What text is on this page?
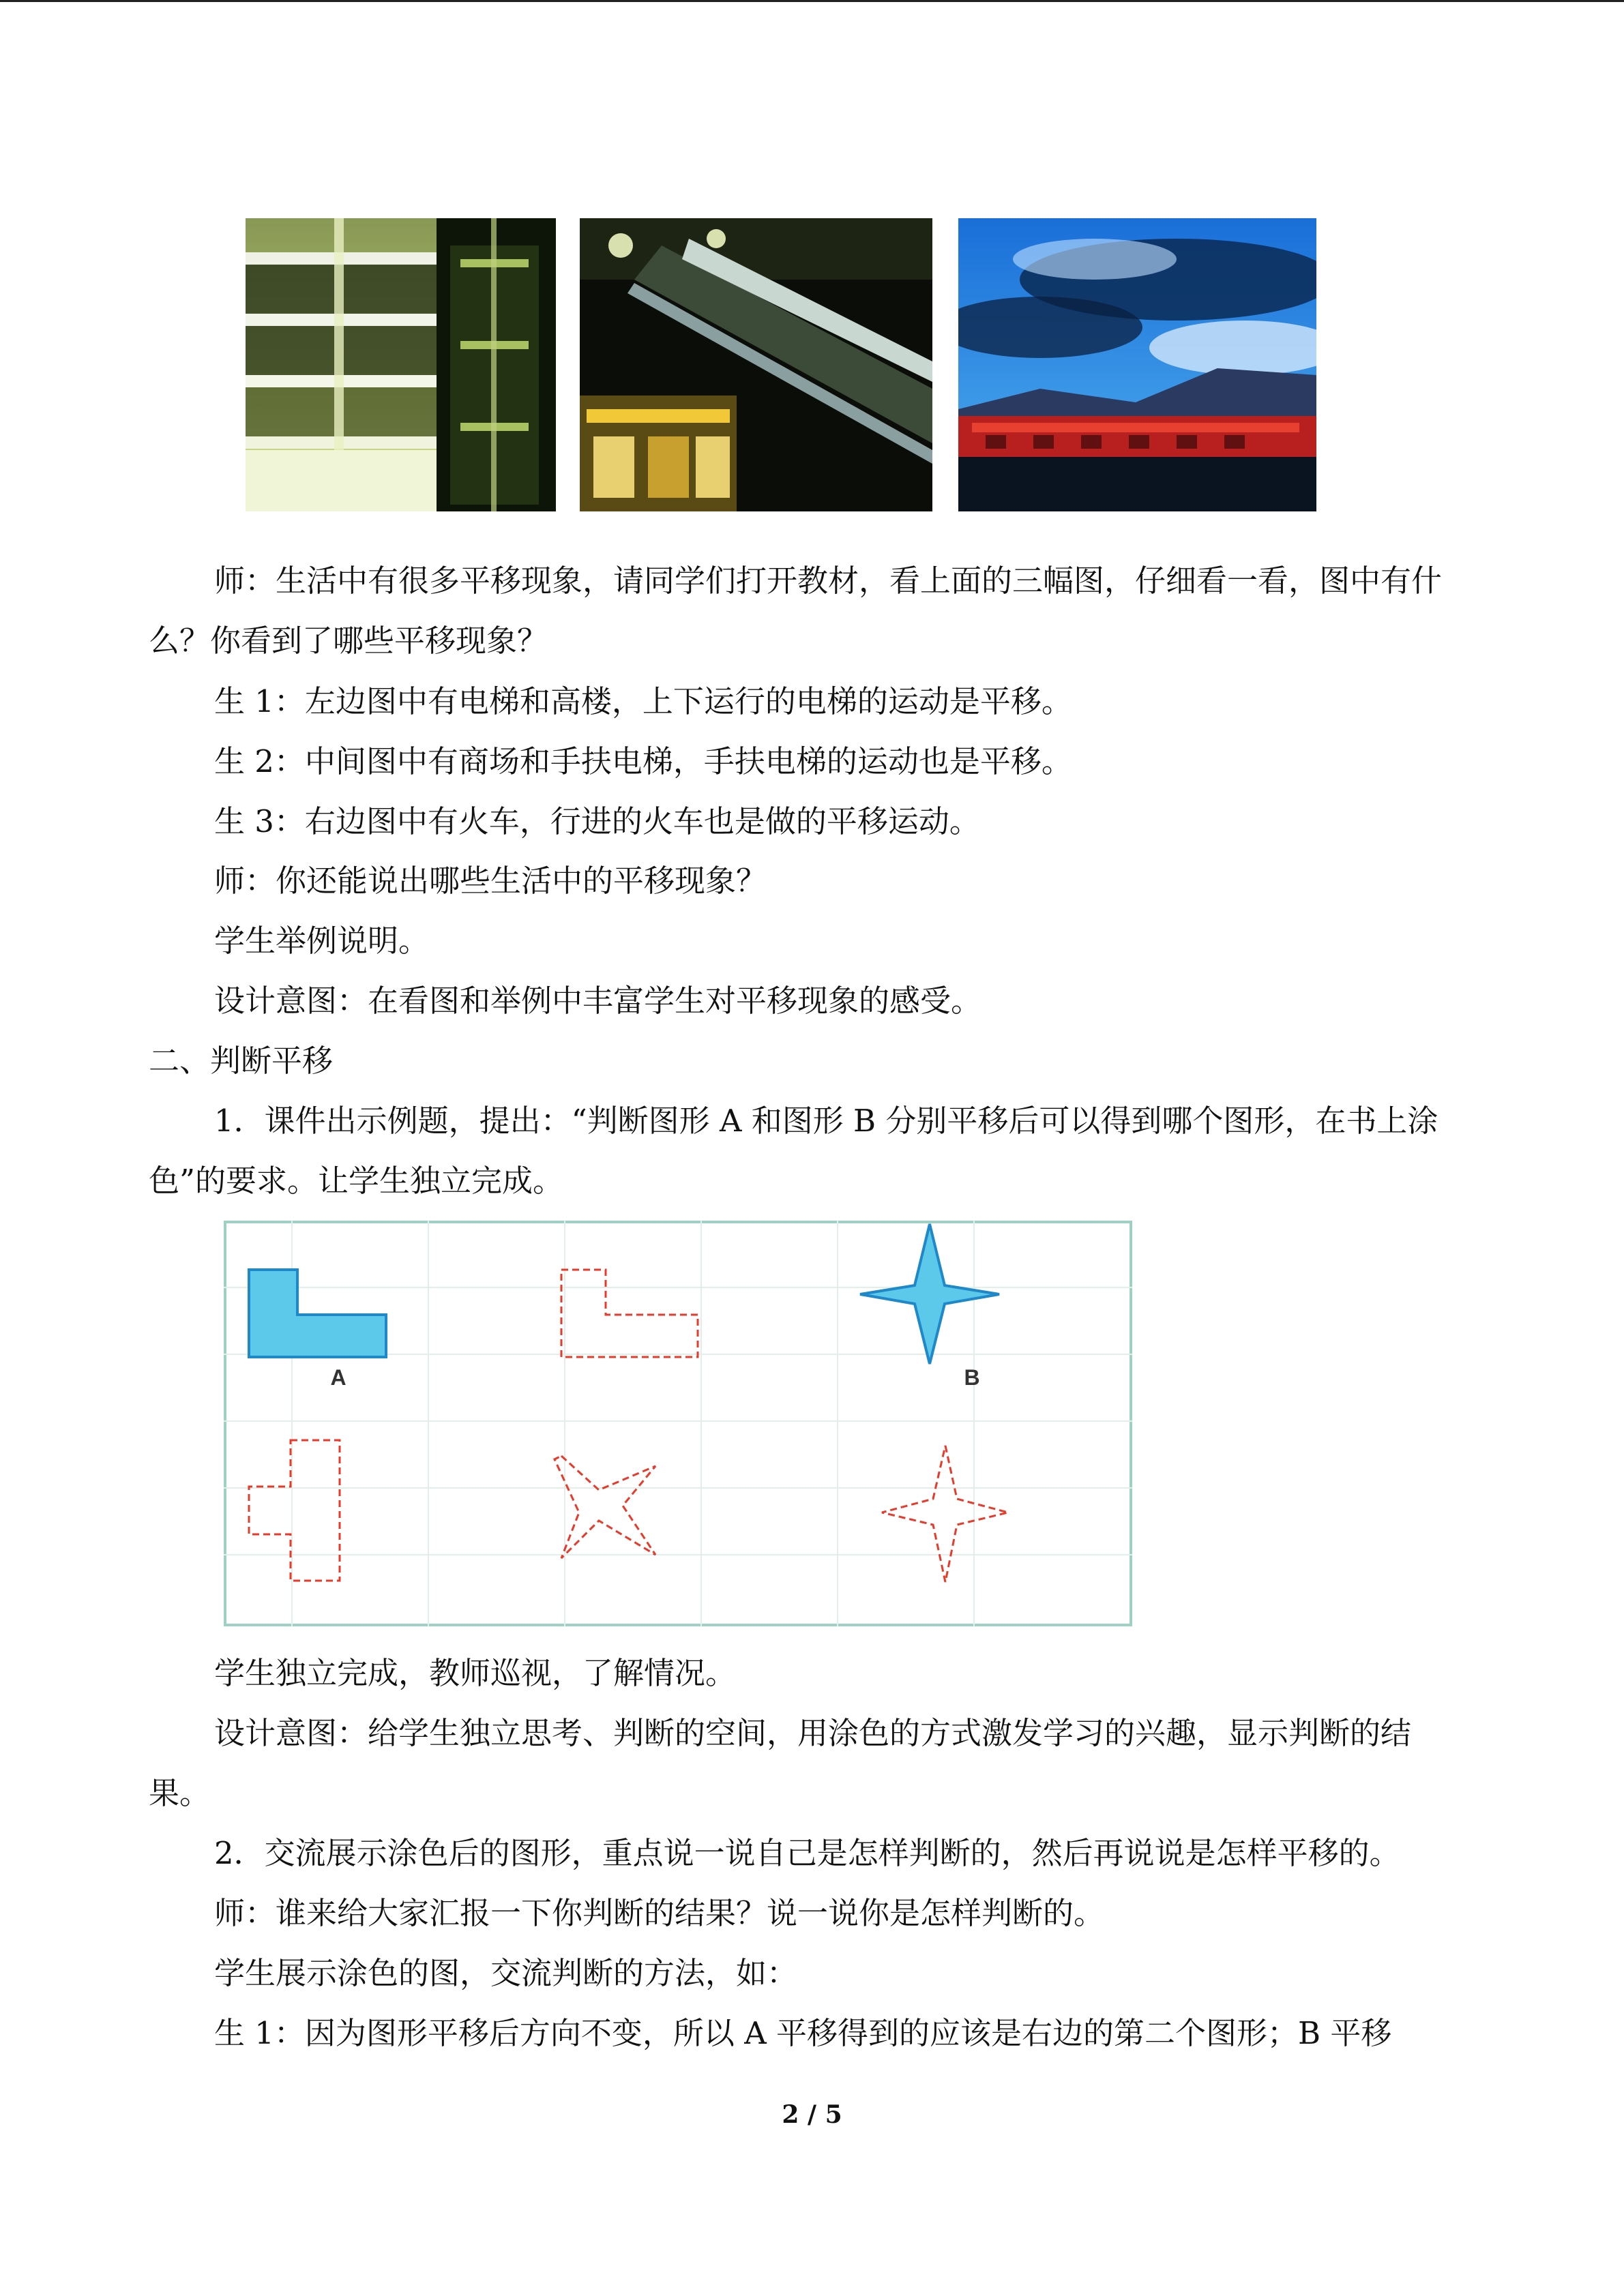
师：生活中有很多平移现象，请同学们打开教材，看上面的三幅图，仔细看一看，图中有什么？你看到了哪些平移现象？

生 1：左边图中有电梯和高楼，上下运行的电梯的运动是平移。

生 2：中间图中有商场和手扶电梯，手扶电梯的运动也是平移。

生 3：右边图中有火车，行进的火车也是做的平移运动。

师：你还能说出哪些生活中的平移现象？

学生举例说明。

设计意图：在看图和举例中丰富学生对平移现象的感受。

二、判断平移

1．课件出示例题，提出：“判断图形 A 和图形 B 分别平移后可以得到哪个图形，在书上涂色”的要求。让学生独立完成。

A	B

学生独立完成，教师巡视，了解情况。

设计意图：给学生独立思考、判断的空间，用涂色的方式激发学习的兴趣，显示判断的结果。

2．交流展示涂色后的图形，重点说一说自己是怎样判断的，然后再说说是怎样平移的。

师：谁来给大家汇报一下你判断的结果？说一说你是怎样判断的。

学生展示涂色的图，交流判断的方法，如：

生 1：因为图形平移后方向不变，所以 A 平移得到的应该是右边的第二个图形；B 平移

2 / 5
